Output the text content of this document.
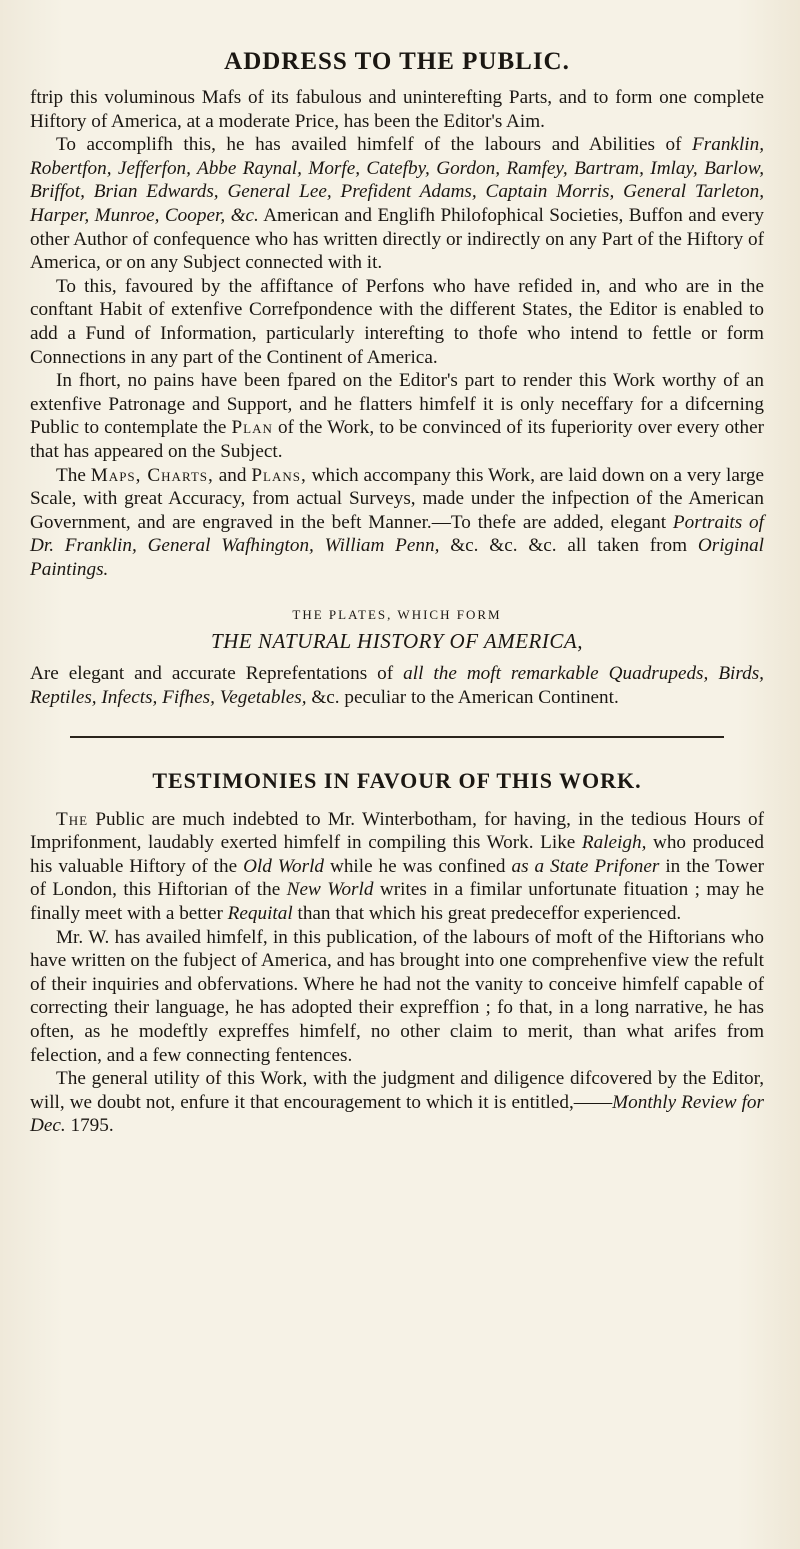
ADDRESS TO THE PUBLIC.

ftrip this voluminous Mafs of its fabulous and uninterefting Parts, and to form one complete Hiftory of America, at a moderate Price, has been the Editor's Aim.

To accomplifh this, he has availed himfelf of the labours and Abilities of Franklin, Robertfon, Jefferfon, Abbe Raynal, Morfe, Catefby, Gordon, Ramfey, Bartram, Imlay, Barlow, Briffot, Brian Edwards, General Lee, Prefident Adams, Captain Morris, General Tarleton, Harper, Munroe, Cooper, &c. American and Englifh Philofophical Societies, Buffon and every other Author of confequence who has written directly or indirectly on any Part of the Hiftory of America, or on any Subject connected with it.

To this, favoured by the affiftance of Perfons who have refided in, and who are in the conftant Habit of extenfive Correfpondence with the different States, the Editor is enabled to add a Fund of Information, particularly interefting to thofe who intend to fettle or form Connections in any part of the Continent of America.

In fhort, no pains have been fpared on the Editor's part to render this Work worthy of an extenfive Patronage and Support, and he flatters himfelf it is only neceffary for a difcerning Public to contemplate the Plan of the Work, to be convinced of its fuperiority over every other that has appeared on the Subject.

The Maps, Charts, and Plans, which accompany this Work, are laid down on a very large Scale, with great Accuracy, from actual Surveys, made under the infpection of the American Government, and are engraved in the beft Manner.—To thefe are added, elegant Portraits of Dr. Franklin, General Wafhington, William Penn, &c. &c. &c. all taken from Original Paintings.

THE PLATES, WHICH FORM
THE NATURAL HISTORY OF AMERICA,

Are elegant and accurate Reprefentations of all the moft remarkable Quadrupeds, Birds, Reptiles, Infects, Fifhes, Vegetables, &c. peculiar to the American Continent.

TESTIMONIES IN FAVOUR OF THIS WORK.

The Public are much indebted to Mr. Winterbotham, for having, in the tedious Hours of Imprifonment, laudably exerted himfelf in compiling this Work. Like Raleigh, who produced his valuable Hiftory of the Old World while he was confined as a State Prifoner in the Tower of London, this Hiftorian of the New World writes in a fimilar unfortunate fituation ; may he finally meet with a better Requital than that which his great predeceffor experienced.

Mr. W. has availed himfelf, in this publication, of the labours of moft of the Hiftorians who have written on the fubject of America, and has brought into one comprehenfive view the refult of their inquiries and obfervations. Where he had not the vanity to conceive himfelf capable of correcting their language, he has adopted their expreffion ; fo that, in a long narrative, he has often, as he modeftly expreffes himfelf, no other claim to merit, than what arifes from felection, and a few connecting fentences.

The general utility of this Work, with the judgment and diligence difcovered by the Editor, will, we doubt not, enfure it that encouragement to which it is entitled,——Monthly Review for Dec. 1795.
